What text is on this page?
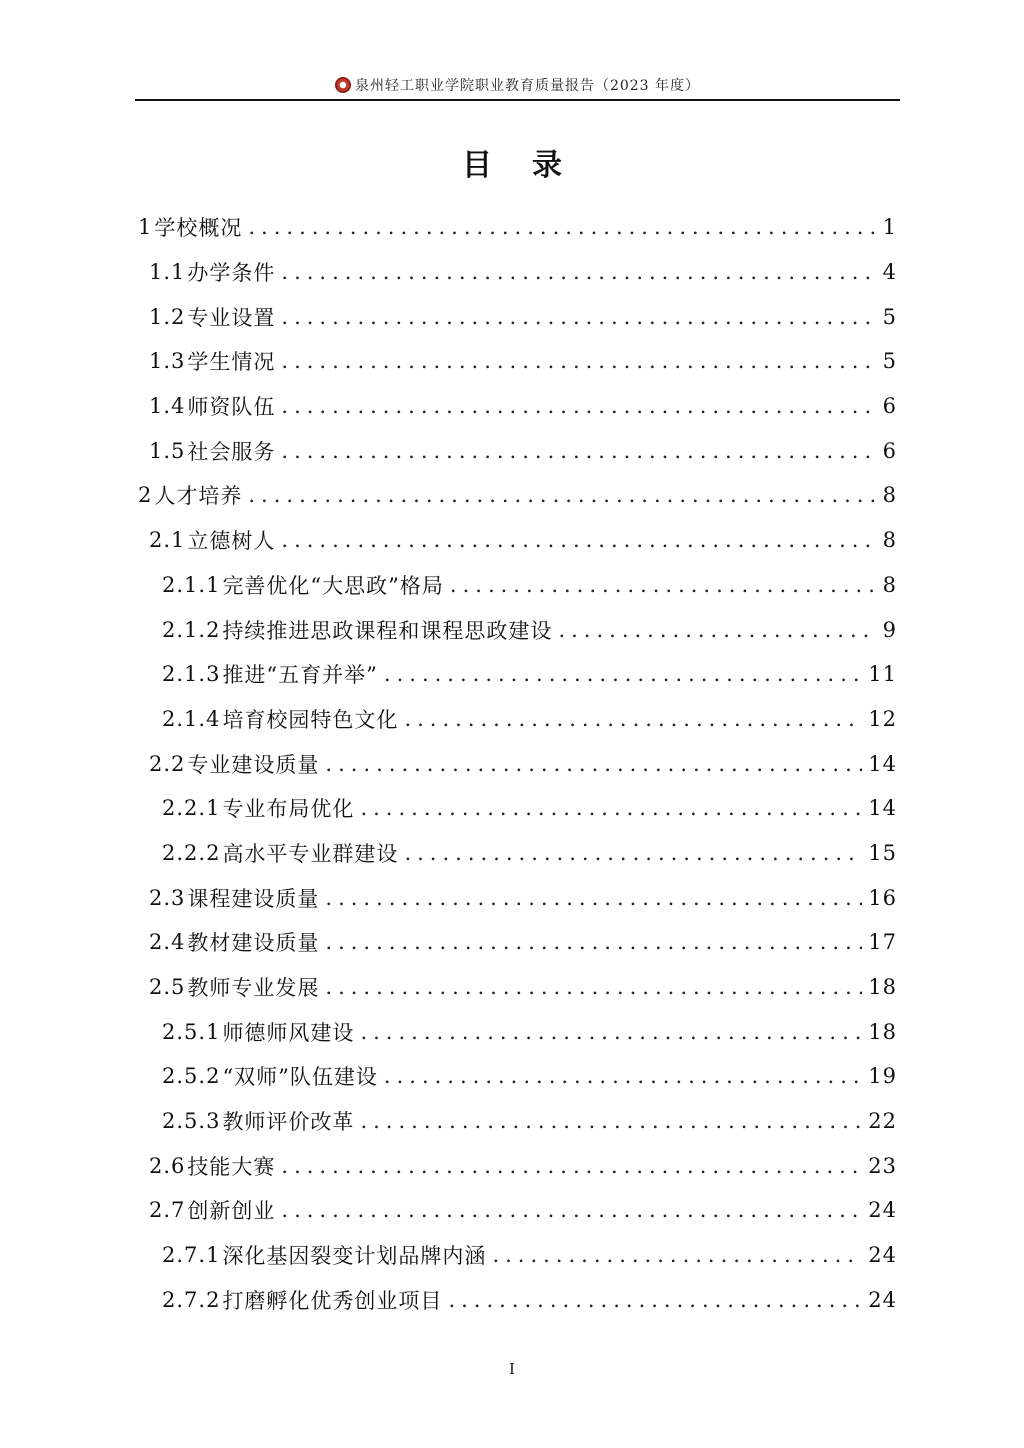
泉州轻工职业学院职业教育质量报告（2023 年度）
目录
1 学校概况 .....	1
1.1 办学条件 .....	4
1.2 专业设置 .....	5
1.3 学生情况 .....	5
1.4 师资队伍 .....	6
1.5 社会服务 .....	6
2 人才培养 .....	8
2.1 立德树人 .....	8
2.1.1 完善优化“大思政”格局 .....	8
2.1.2 持续推进思政课程和课程思政建设 .....	9
2.1.3 推进“五育并举” .....	11
2.1.4 培育校园特色文化 .....	12
2.2 专业建设质量 .....	14
2.2.1 专业布局优化 .....	14
2.2.2 高水平专业群建设 .....	15
2.3 课程建设质量 .....	16
2.4 教材建设质量 .....	17
2.5 教师专业发展 .....	18
2.5.1 师德师风建设 .....	18
2.5.2 “双师”队伍建设 .....	19
2.5.3 教师评价改革 .....	22
2.6 技能大赛 .....	23
2.7 创新创业 .....	24
2.7.1 深化基因裂变计划品牌内涵 .....	24
2.7.2 打磨孵化优秀创业项目 .....	24
I
